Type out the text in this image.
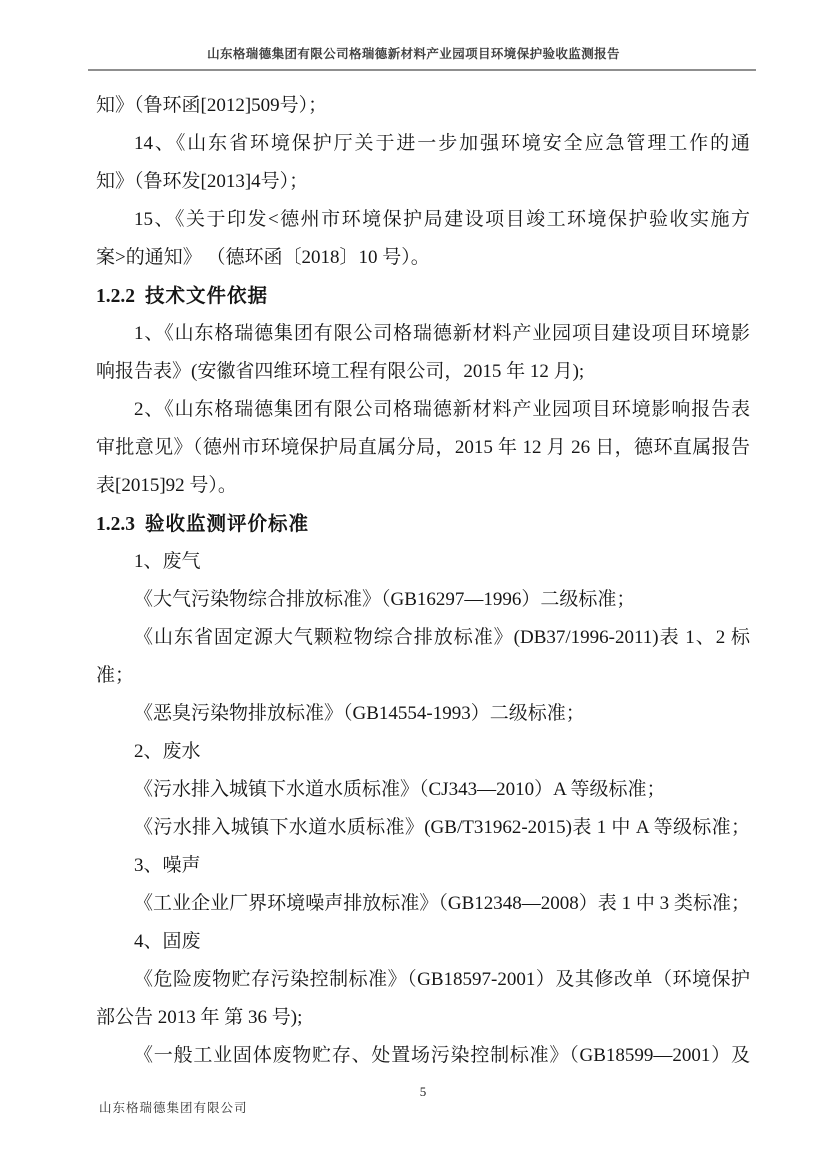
山东格瑞德集团有限公司格瑞德新材料产业园项目环境保护验收监测报告
知》（鲁环函[2012]509号）；
14、《山东省环境保护厅关于进一步加强环境安全应急管理工作的通
知》（鲁环发[2013]4号）；
15、《关于印发<德州市环境保护局建设项目竣工环境保护验收实施方
案>的通知》 （德环函〔2018〕10 号）。
1.2.2 技术文件依据
1、《山东格瑞德集团有限公司格瑞德新材料产业园项目建设项目环境影
响报告表》(安徽省四维环境工程有限公司，2015 年 12 月);
2、《山东格瑞德集团有限公司格瑞德新材料产业园项目环境影响报告表
审批意见》（德州市环境保护局直属分局，2015 年 12 月 26 日，德环直属报告
表[2015]92 号）。
1.2.3 验收监测评价标准
1、废气
《大气污染物综合排放标准》（GB16297—1996）二级标准；
《山东省固定源大气颗粒物综合排放标准》(DB37/1996-2011)表 1、2 标
准；
《恶臭污染物排放标准》（GB14554-1993）二级标准；
2、废水
《污水排入城镇下水道水质标准》（CJ343—2010）A 等级标准；
《污水排入城镇下水道水质标准》(GB/T31962-2015)表 1 中 A 等级标准；
3、噪声
《工业企业厂界环境噪声排放标准》（GB12348—2008）表 1 中 3 类标准；
4、固废
《危险废物贮存污染控制标准》（GB18597-2001）及其修改单（环境保护
部公告 2013 年 第 36 号);
《一般工业固体废物贮存、处置场污染控制标准》（GB18599—2001）及
5
山东格瑞德集团有限公司
